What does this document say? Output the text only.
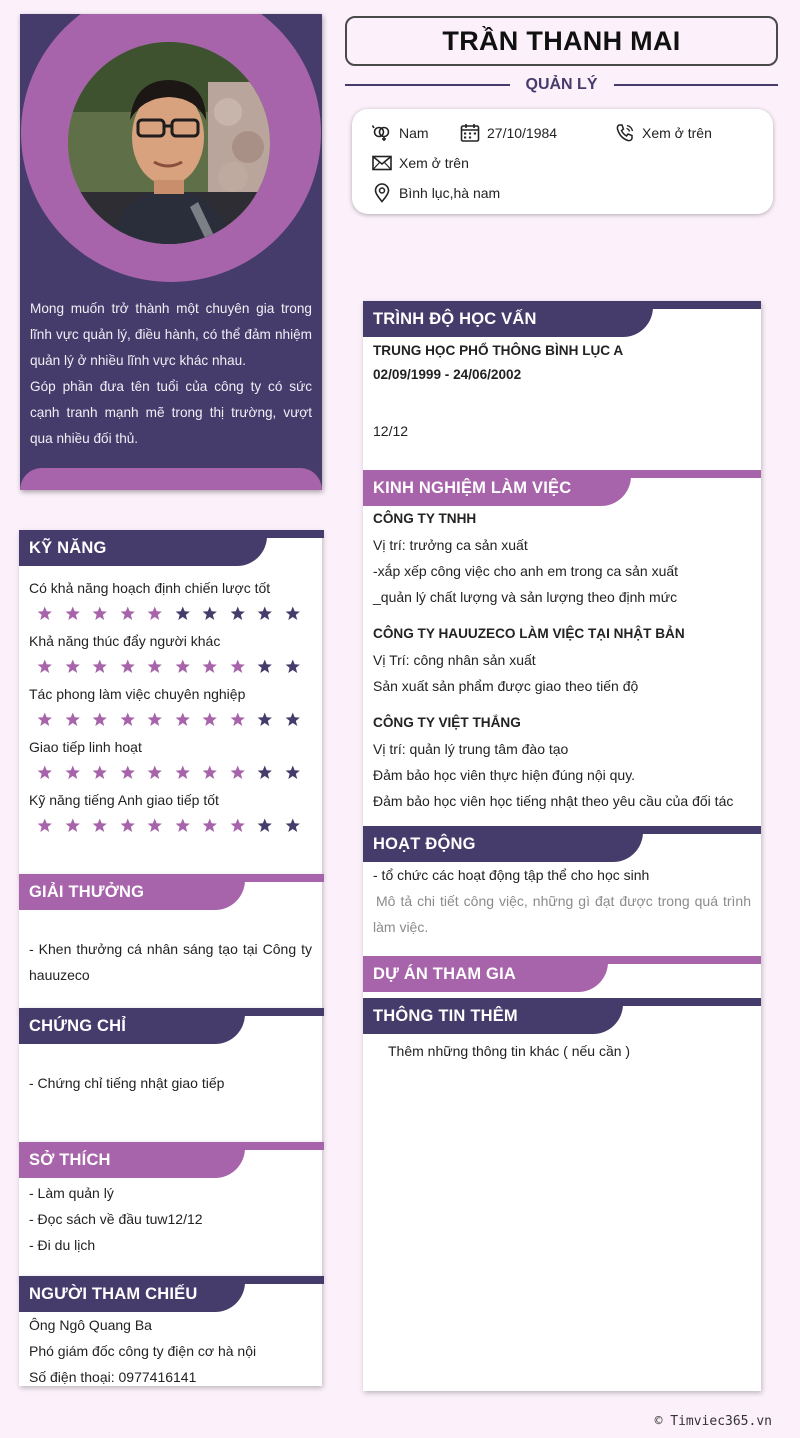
Mong muốn trở thành một chuyên gia trong lĩnh vực quản lý, điều hành, có thể đảm nhiệm quản lý ở nhiều lĩnh vực khác nhau.

Góp phần đưa tên tuổi của công ty có sức cạnh tranh mạnh mẽ trong thị trường, vượt qua nhiều đối thủ.

TRẦN THANH MAI
QUẢN LÝ
Nam	27/10/1984	Xem ở trên
Xem ở trên
Bình lục,hà nam
KỸ NĂNG
Có khả năng hoạch định chiến lược tốt
Khả năng thúc đẩy người khác
Tác phong làm việc chuyên nghiệp
Giao tiếp linh hoạt
Kỹ năng tiếng Anh giao tiếp tốt
GIẢI THƯỞNG
- Khen thưởng cá nhân sáng tạo tại Công ty hauuzeco
CHỨNG CHỈ
- Chứng chỉ tiếng nhật giao tiếp
SỞ THÍCH
- Làm quản lý
- Đọc sách về đầu tuw12/12
- Đi du lịch
NGƯỜI THAM CHIẾU
Ông Ngô Quang Ba
Phó giám đốc công ty điện cơ hà nội
Số điện thoại: 0977416141
TRÌNH ĐỘ HỌC VẤN
TRUNG HỌC PHỔ THÔNG BÌNH LỤC A
02/09/1999 - 24/06/2002
12/12
KINH NGHIỆM LÀM VIỆC
CÔNG TY TNHH
Vị trí: trưởng ca sản xuất
-xắp xếp công việc cho anh em trong ca sản xuất
_quản lý chất lượng và sản lượng theo định mức
CÔNG TY HAUUZECO LÀM VIỆC TẠI NHẬT BẢN
Vị Trí: công nhân sản xuất
Sản xuất sản phẩm được giao theo tiến độ
CÔNG TY VIỆT THẮNG
Vị trí: quản lý trung tâm đào tạo
Đảm bảo học viên thực hiện đúng nội quy.
Đảm bảo học viên học tiếng nhật theo yêu cầu của đối tác
HOẠT ĐỘNG
- tổ chức các hoạt động tập thể cho học sinh
Mô tả chi tiết công việc, những gì đạt được trong quá trình làm việc.
DỰ ÁN THAM GIA
THÔNG TIN THÊM
Thêm những thông tin khác ( nếu cần )
© Timviec365.vn
